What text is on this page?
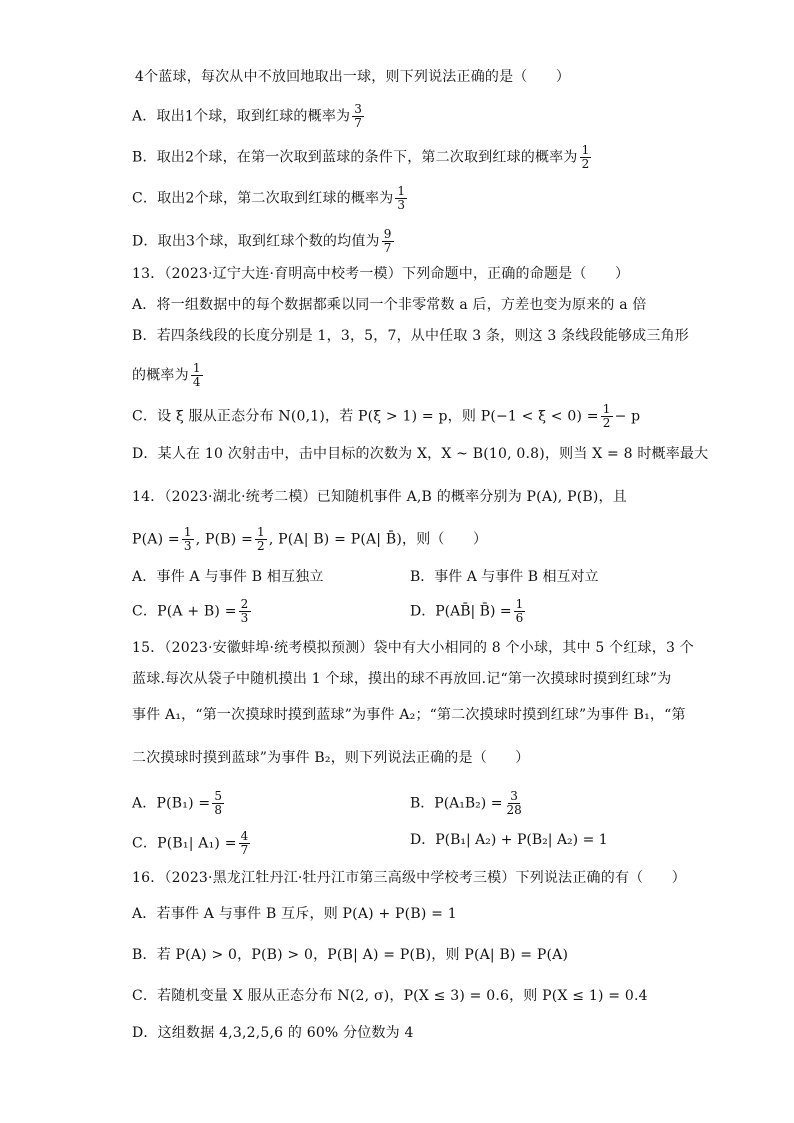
4个蓝球，每次从中不放回地取出一球，则下列说法正确的是（　　）
A．取出1个球，取到红球的概率为 $\frac{3}{7}$
B．取出2个球，在第一次取到蓝球的条件下，第二次取到红球的概率为 $\frac{1}{2}$
C．取出2个球，第二次取到红球的概率为 $\frac{1}{3}$
D．取出3个球，取到红球个数的均值为 $\frac{9}{7}$
13．（2023·辽宁大连·育明高中校考一模）下列命题中，正确的命题是（　　）
A．将一组数据中的每个数据都乘以同一个非零常数 a 后，方差也变为原来的 a 倍
B．若四条线段的长度分别是 1，3，5，7，从中任取 3 条，则这 3 条线段能够成三角形
的概率为 $\frac{1}{4}$
C．设 ξ 服从正态分布 N(0,1)，若 P(ξ > 1) = p，则 $P(-1 < \xi < 0) = \frac{1}{2} - p$
D．某人在 10 次射击中，击中目标的次数为 X，X ~ B(10, 0.8)，则当 X = 8 时概率最大
14．（2023·湖北·统考二模）已知随机事件 A,B 的概率分别为 P(A), P(B)，且
$P(A) = \frac{1}{3}$ , $P(B) = \frac{1}{2}$ , P(A| B) = P(A| B̄)，则（　　）
A．事件 A 与事件 B 相互独立	B．事件 A 与事件 B 相互对立
C．$P(A + B) = \frac{2}{3}$	D．P(AB̄| B̄) = $\frac{1}{6}$
15．（2023·安徽蚌埠·统考模拟预测）袋中有大小相同的 8 个小球，其中 5 个红球，3 个
蓝球.每次从袋子中随机摸出 1 个球，摸出的球不再放回.记“第一次摸球时摸到红球”为
事件 A₁，“第一次摸球时摸到蓝球”为事件 A₂；“第二次摸球时摸到红球”为事件 B₁，“第
二次摸球时摸到蓝球”为事件 B₂，则下列说法正确的是（　　）
A．$P(B_1) = \frac{5}{8}$	B．$P(A_1B_2) = \frac{3}{28}$
C．P(B₁| $A_1) = \frac{4}{7}$	D．P(B₁| A₂) + P(B₂| A₂) = 1
16．（2023·黑龙江牡丹江·牡丹江市第三高级中学校考三模）下列说法正确的有（　　）
A．若事件 A 与事件 B 互斥，则 P(A) + P(B) = 1
B．若 P(A) > 0，P(B) > 0，P(B| A) = P(B)，则 P(A| B) = P(A)
C．若随机变量 X 服从正态分布 N(2, σ)，P(X ≤ 3) = 0.6，则 P(X ≤ 1) = 0.4
D．这组数据 4,3,2,5,6 的 60% 分位数为 4
